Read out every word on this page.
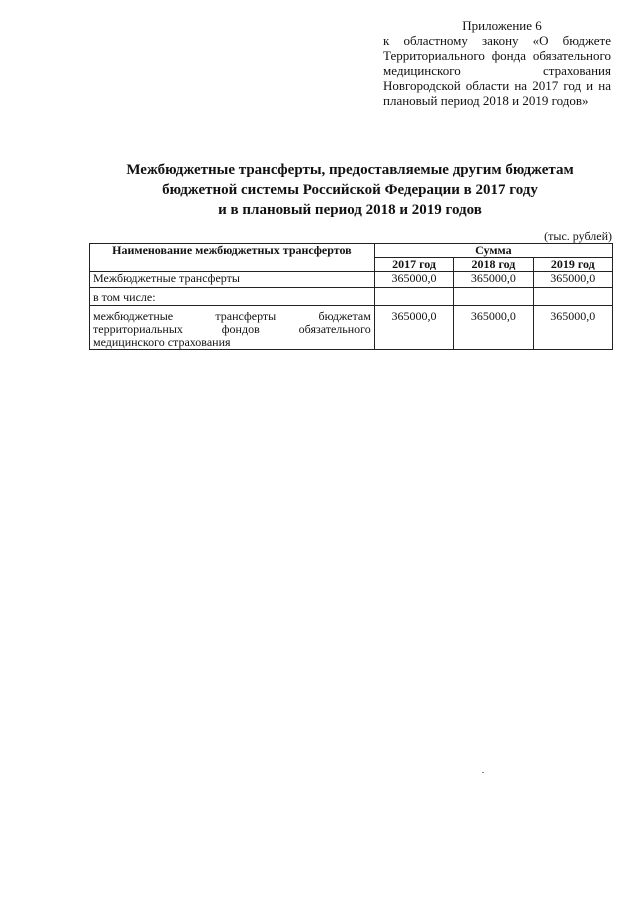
Приложение 6
к областному закону «О бюджете Территориального фонда обязательного медицинского страхования Новгородской области на 2017 год и на плановый период 2018 и 2019 годов»
Межбюджетные трансферты, предоставляемые другим бюджетам
бюджетной системы Российской Федерации в 2017 году
и в плановый период 2018 и 2019 годов
(тыс. рублей)
Наименование межбюджетных трансфертов	Сумма		
	2017 год	2018 год	2019 год
Межбюджетные трансферты	365000,0	365000,0	365000,0
в том числе:			
межбюджетные трансферты бюджетам территориальных фондов обязательного медицинского страхования	365000,0	365000,0	365000,0
